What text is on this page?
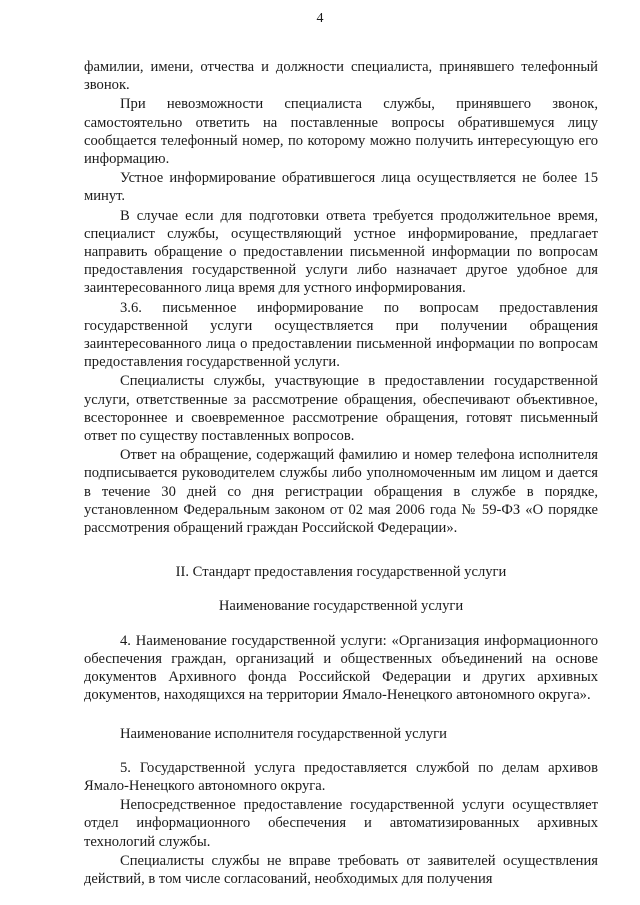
4

фамилии, имени, отчества и должности специалиста, принявшего телефонный звонок.

При невозможности специалиста службы, принявшего звонок, самостоятельно ответить на поставленные вопросы обратившемуся лицу сообщается телефонный номер, по которому можно получить интересующую его информацию.

Устное информирование обратившегося лица осуществляется не более 15 минут.

В случае если для подготовки ответа требуется продолжительное время, специалист службы, осуществляющий устное информирование, предлагает направить обращение о предоставлении письменной информации по вопросам предоставления государственной услуги либо назначает другое удобное для заинтересованного лица время для устного информирования.

3.6. письменное информирование по вопросам предоставления государственной услуги осуществляется при получении обращения заинтересованного лица о предоставлении письменной информации по вопросам предоставления государственной услуги.

Специалисты службы, участвующие в предоставлении государственной услуги, ответственные за рассмотрение обращения, обеспечивают объективное, всестороннее и своевременное рассмотрение обращения, готовят письменный ответ по существу поставленных вопросов.

Ответ на обращение, содержащий фамилию и номер телефона исполнителя подписывается руководителем службы либо уполномоченным им лицом и дается в течение 30 дней со дня регистрации обращения в службе в порядке, установленном Федеральным законом от 02 мая 2006 года № 59-ФЗ «О порядке рассмотрения обращений граждан Российской Федерации».

II. Стандарт предоставления государственной услуги

Наименование государственной услуги

4. Наименование государственной услуги: «Организация информационного обеспечения граждан, организаций и общественных объединений на основе документов Архивного фонда Российской Федерации и других архивных документов, находящихся на территории Ямало-Ненецкого автономного округа».

Наименование исполнителя государственной услуги

5. Государственной услуга предоставляется службой по делам архивов Ямало-Ненецкого автономного округа.

Непосредственное предоставление государственной услуги осуществляет отдел информационного обеспечения и автоматизированных архивных технологий службы.

Специалисты службы не вправе требовать от заявителей осуществления действий, в том числе согласований, необходимых для получения
